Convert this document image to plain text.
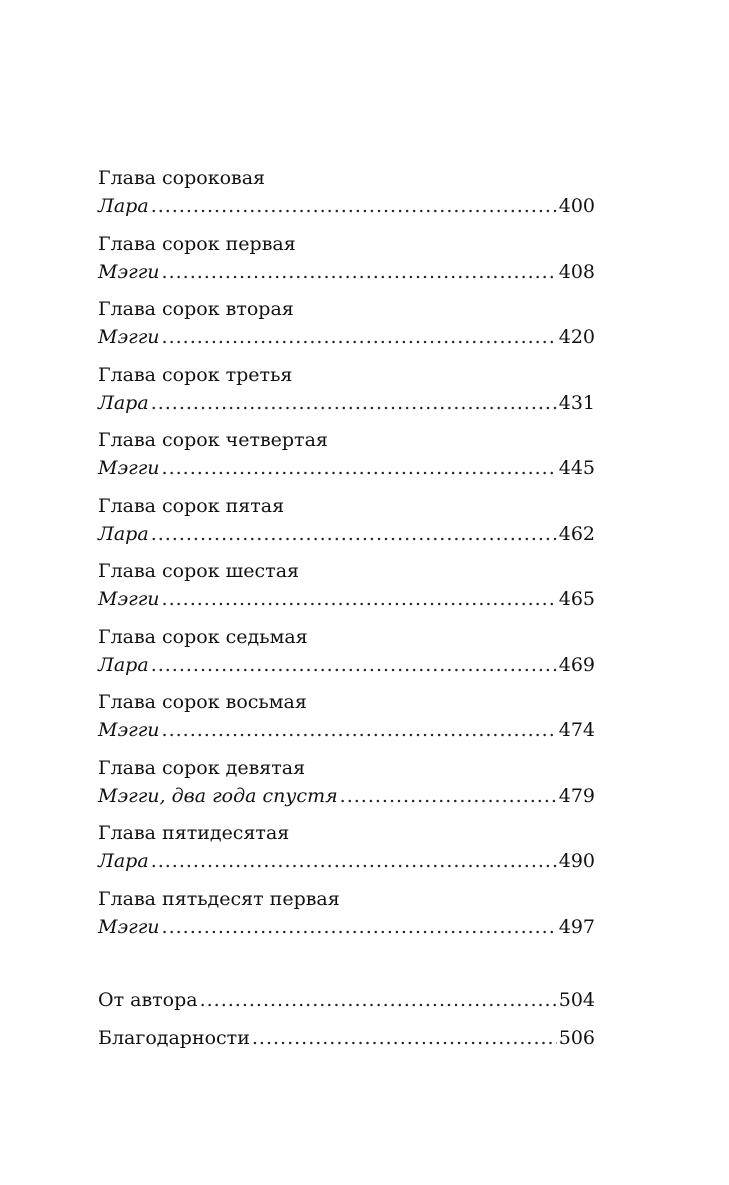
Глава сороковая
Лара .....	400
Глава сорок первая
Мэгги .....	408
Глава сорок вторая
Мэгги .....	420
Глава сорок третья
Лара .....	431
Глава сорок четвертая
Мэгги .....	445
Глава сорок пятая
Лара .....	462
Глава сорок шестая
Мэгги .....	465
Глава сорок седьмая
Лара .....	469
Глава сорок восьмая
Мэгги .....	474
Глава сорок девятая
Мэгги, два года спустя .....	479
Глава пятидесятая
Лара .....	490
Глава пятьдесят первая
Мэгги .....	497
От автора .....	504
Благодарности .....	506
